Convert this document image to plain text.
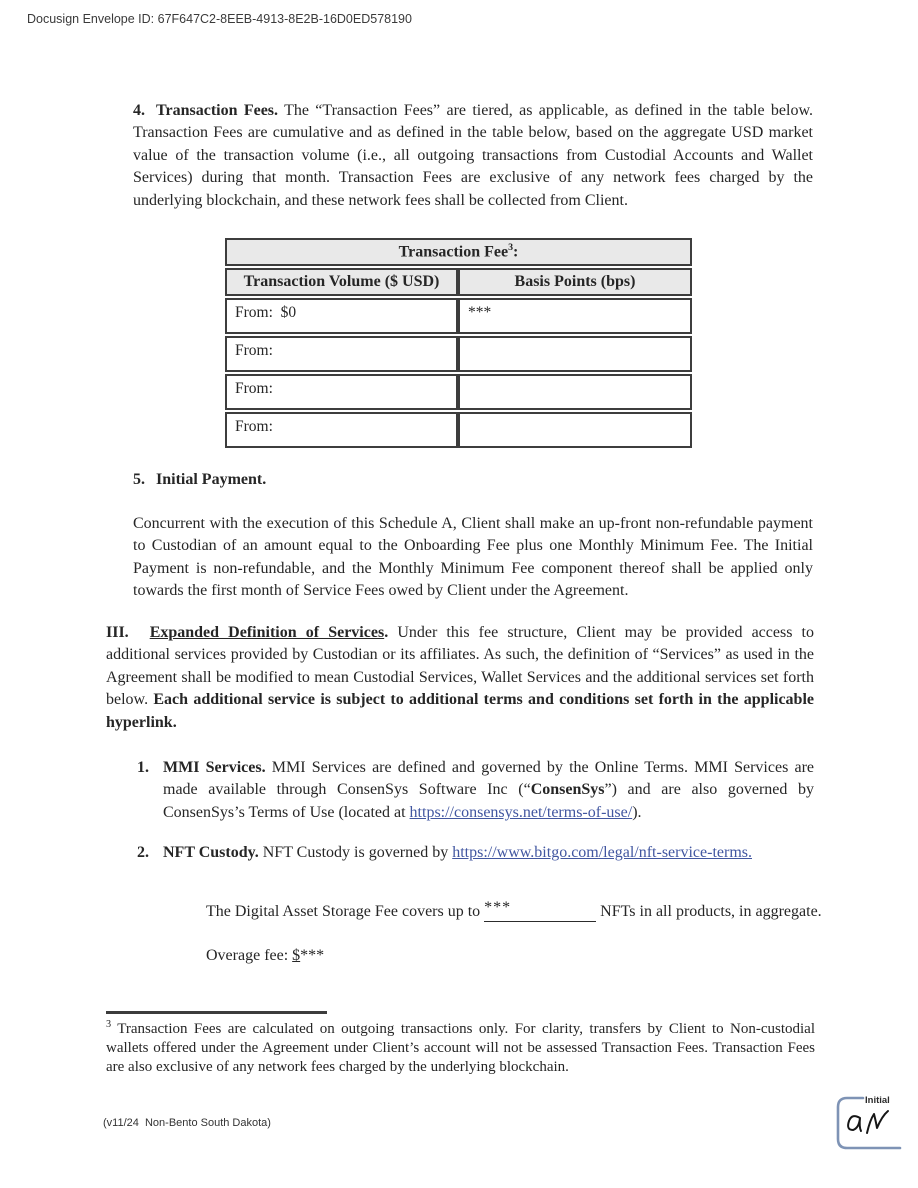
Docusign Envelope ID: 67F647C2-8EEB-4913-8E2B-16D0ED578190
4. Transaction Fees. The “Transaction Fees” are tiered, as applicable, as defined in the table below. Transaction Fees are cumulative and as defined in the table below, based on the aggregate USD market value of the transaction volume (i.e., all outgoing transactions from Custodial Accounts and Wallet Services) during that month. Transaction Fees are exclusive of any network fees charged by the underlying blockchain, and these network fees shall be collected from Client.
Transaction Fee$^3$:	
Transaction Volume ($ USD)	Basis Points (bps)
From:  $0	***
From:	
From:	
From:	
5. Initial Payment.
Concurrent with the execution of this Schedule A, Client shall make an up-front non-refundable payment to Custodian of an amount equal to the Onboarding Fee plus one Monthly Minimum Fee. The Initial Payment is non-refundable, and the Monthly Minimum Fee component thereof shall be applied only towards the first month of Service Fees owed by Client under the Agreement.
III. Expanded Definition of Services. Under this fee structure, Client may be provided access to additional services provided by Custodian or its affiliates. As such, the definition of “Services” as used in the Agreement shall be modified to mean Custodial Services, Wallet Services and the additional services set forth below. Each additional service is subject to additional terms and conditions set forth in the applicable hyperlink.
1. MMI Services. MMI Services are defined and governed by the Online Terms. MMI Services are made available through ConsenSys Software Inc (“ConsenSys”) and are also governed by ConsenSys’s Terms of Use (located at https://consensys.net/terms-of-use/).
2. NFT Custody. NFT Custody is governed by https://www.bitgo.com/legal/nft-service-terms.

The Digital Asset Storage Fee covers up to ***	NFTs in all products, in aggregate.

Overage fee: $***

$^3$ Transaction Fees are calculated on outgoing transactions only. For clarity, transfers by Client to Non-custodial wallets offered under the Agreement under Client’s account will not be assessed Transaction Fees. Transaction Fees are also exclusive of any network fees charged by the underlying blockchain.
(v11/24  Non-Bento South Dakota)
Initial
